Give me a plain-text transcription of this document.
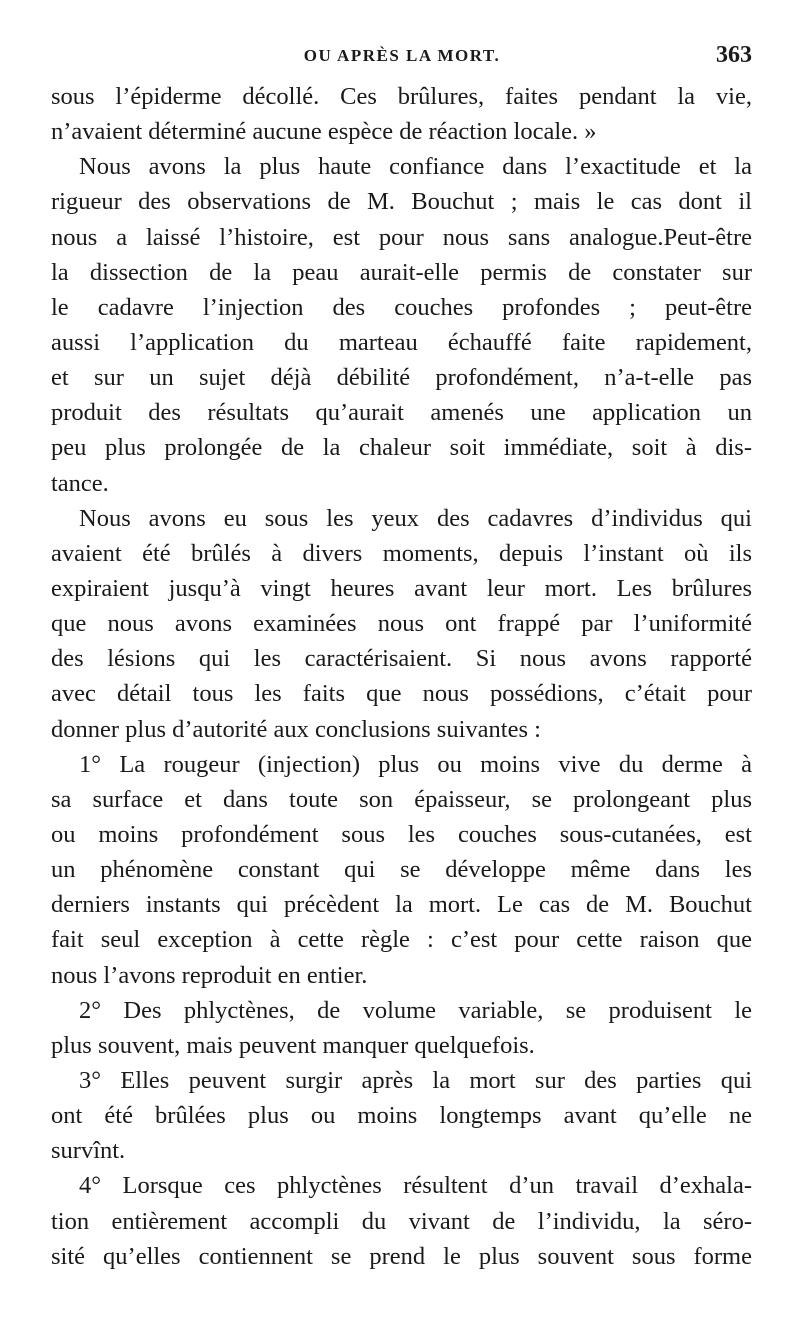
OU APRÈS LA MORT.	363
sous l’épiderme décollé. Ces brûlures, faites pendant la vie,
n’avaient déterminé aucune espèce de réaction locale. »
Nous avons la plus haute confiance dans l’exactitude et la
rigueur des observations de M. Bouchut ; mais le cas dont il
nous a laissé l’histoire, est pour nous sans analogue.Peut-être
la dissection de la peau aurait-elle permis de constater sur
le cadavre l’injection des couches profondes ; peut-être
aussi l’application du marteau échauffé faite rapidement,
et sur un sujet déjà débilité profondément, n’a-t-elle pas
produit des résultats qu’aurait amenés une application un
peu plus prolongée de la chaleur soit immédiate, soit à dis-
tance.
Nous avons eu sous les yeux des cadavres d’individus qui
avaient été brûlés à divers moments, depuis l’instant où ils
expiraient jusqu’à vingt heures avant leur mort. Les brûlures
que nous avons examinées nous ont frappé par l’uniformité
des lésions qui les caractérisaient. Si nous avons rapporté
avec détail tous les faits que nous possédions, c’était pour
donner plus d’autorité aux conclusions suivantes :
1° La rougeur (injection) plus ou moins vive du derme à
sa surface et dans toute son épaisseur, se prolongeant plus
ou moins profondément sous les couches sous-cutanées, est
un phénomène constant qui se développe même dans les
derniers instants qui précèdent la mort. Le cas de M. Bouchut
fait seul exception à cette règle : c’est pour cette raison que
nous l’avons reproduit en entier.
2° Des phlyctènes, de volume variable, se produisent le
plus souvent, mais peuvent manquer quelquefois.
3° Elles peuvent surgir après la mort sur des parties qui
ont été brûlées plus ou moins longtemps avant qu’elle ne
survînt.
4° Lorsque ces phlyctènes résultent d’un travail d’exhala-
tion entièrement accompli du vivant de l’individu, la séro-
sité qu’elles contiennent se prend le plus souvent sous forme
